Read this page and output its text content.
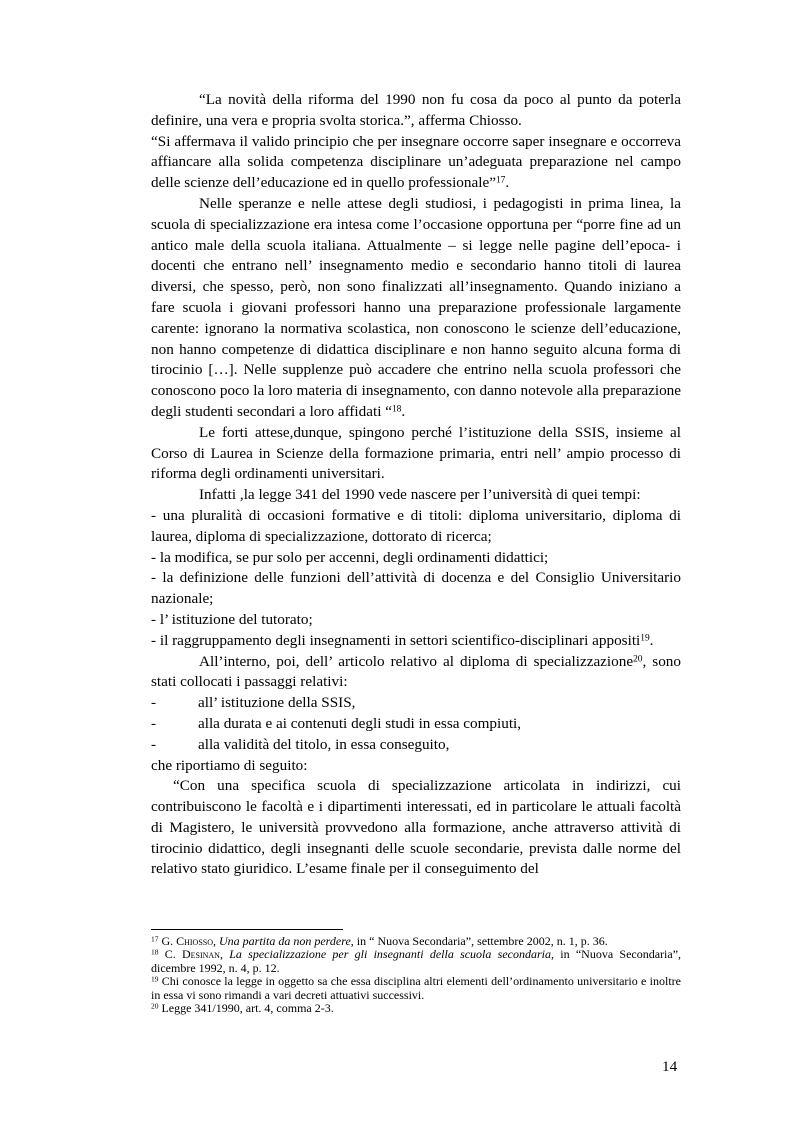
“La novità della riforma del 1990 non fu cosa da poco al punto da poterla definire, una vera e propria svolta storica.”, afferma Chiosso.

“Si affermava il valido principio che per insegnare occorre saper insegnare e occorreva affiancare alla solida competenza disciplinare un’adeguata preparazione nel campo delle scienze dell’educazione ed in quello professionale”$^{17}$.

Nelle speranze e nelle attese degli studiosi, i pedagogisti in prima linea, la scuola di specializzazione era intesa come l’occasione opportuna per “porre fine ad un antico male della scuola italiana. Attualmente – si legge nelle pagine dell’epoca- i docenti che entrano nell’ insegnamento medio e secondario hanno titoli di laurea diversi, che spesso, però, non sono finalizzati all’insegnamento. Quando iniziano a fare scuola i giovani professori hanno una preparazione professionale largamente carente: ignorano la normativa scolastica, non conoscono le scienze dell’educazione, non hanno competenze di didattica disciplinare e non hanno seguito alcuna forma di tirocinio […]. Nelle supplenze può accadere che entrino nella scuola professori che conoscono poco la loro materia di insegnamento, con danno notevole alla preparazione degli studenti secondari a loro affidati “$^{18}$.

Le forti attese,dunque, spingono perché l’istituzione della SSIS, insieme al Corso di Laurea in Scienze della formazione primaria, entri nell’ ampio processo di riforma degli ordinamenti universitari.

Infatti ,la legge 341 del 1990 vede nascere per l’università di quei tempi:

- una pluralità di occasioni formative e di titoli: diploma universitario, diploma di laurea, diploma di specializzazione, dottorato di ricerca;

- la modifica, se pur solo per accenni, degli ordinamenti didattici;

- la definizione delle funzioni dell’attività di docenza e del Consiglio Universitario nazionale;

- l’ istituzione del tutorato;

- il raggruppamento degli insegnamenti in settori scientifico-disciplinari appositi$^{19}$.

All’interno, poi, dell’ articolo relativo al diploma di specializzazione$^{20}$, sono stati collocati i passaggi relativi:

-	all’ istituzione della SSIS,
-	alla durata e ai contenuti degli studi in essa compiuti,
-	alla validità del titolo, in essa conseguito,

che riportiamo di seguito:

“Con una specifica scuola di specializzazione articolata in indirizzi, cui contribuiscono le facoltà e i dipartimenti interessati, ed in particolare le attuali facoltà di Magistero, le università provvedono alla formazione, anche attraverso attività di tirocinio didattico, degli insegnanti delle scuole secondarie, prevista dalle norme del relativo stato giuridico. L’esame finale per il conseguimento del

$^{17}$ G. Chiosso, Una partita da non perdere, in “ Nuova Secondaria”, settembre 2002, n. 1, p. 36.

$^{18}$ C. Desinan, La specializzazione per gli insegnanti della scuola secondaria, in “Nuova Secondaria”, dicembre 1992, n. 4, p. 12.

$^{19}$ Chi conosce la legge in oggetto sa che essa disciplina altri elementi dell’ordinamento universitario e inoltre in essa vi sono rimandi a vari decreti attuativi successivi.

$^{20}$ Legge 341/1990, art. 4, comma 2-3.

14
